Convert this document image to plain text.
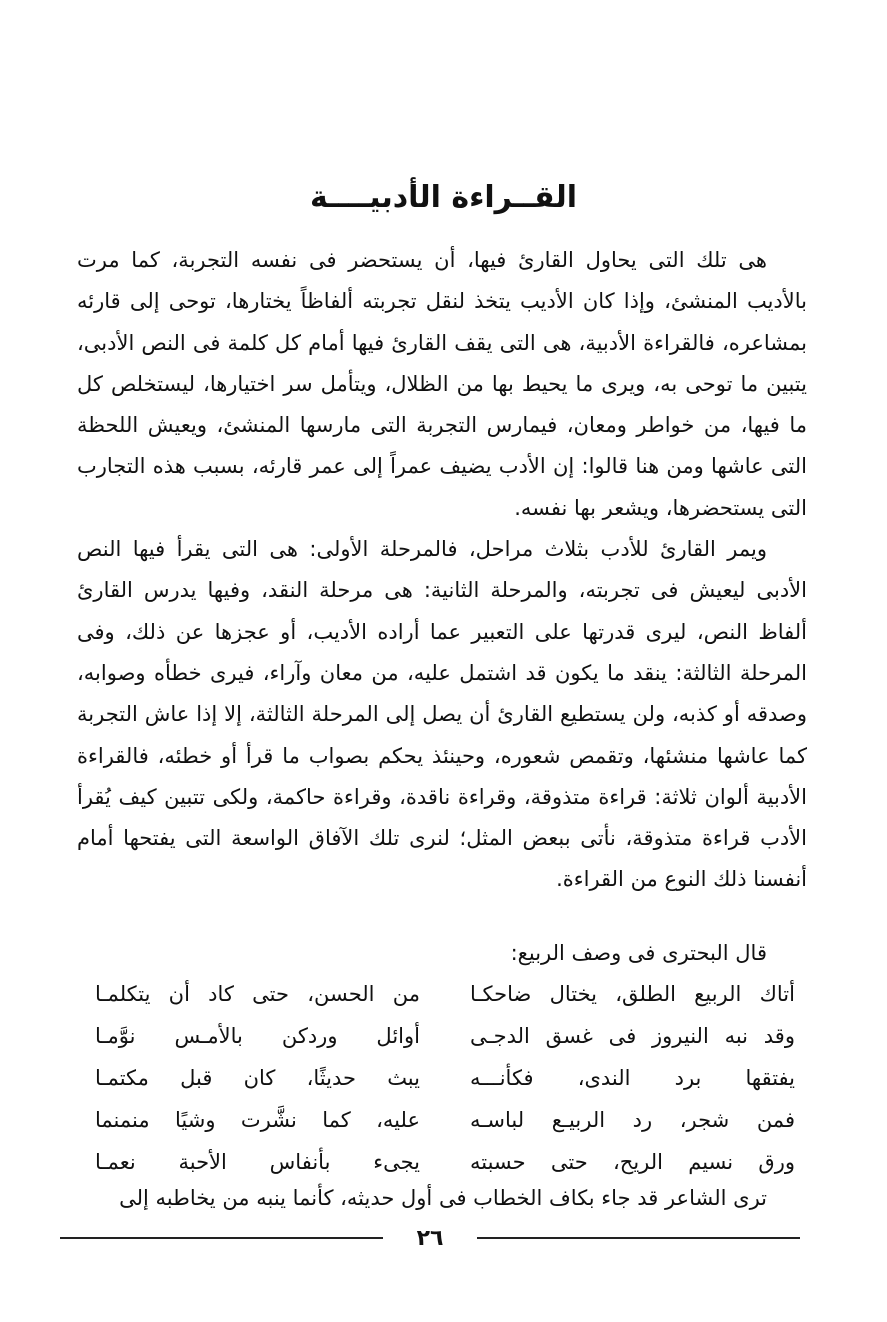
القــراءة الأدبيــــة

هى تلك التى يحاول القارئ فيها، أن يستحضر فى نفسه التجربة، كما مرت بالأديب المنشئ، وإذا كان الأديب يتخذ لنقل تجربته ألفاظاً يختارها، توحى إلى قارئه بمشاعره، فالقراءة الأدبية، هى التى يقف القارئ فيها أمام كل كلمة فى النص الأدبى، يتبين ما توحى به، ويرى ما يحيط بها من الظلال، ويتأمل سر اختيارها، ليستخلص كل ما فيها، من خواطر ومعان، فيمارس التجربة التى مارسها المنشئ، ويعيش اللحظة التى عاشها ومن هنا قالوا: إن الأدب يضيف عمراً إلى عمر قارئه، بسبب هذه التجارب التى يستحضرها، ويشعر بها نفسه.

ويمر القارئ للأدب بثلاث مراحل، فالمرحلة الأولى: هى التى يقرأ فيها النص الأدبى ليعيش فى تجربته، والمرحلة الثانية: هى مرحلة النقد، وفيها يدرس القارئ ألفاظ النص، ليرى قدرتها على التعبير عما أراده الأديب، أو عجزها عن ذلك، وفى المرحلة الثالثة: ينقد ما يكون قد اشتمل عليه، من معان وآراء، فيرى خطأه وصوابه، وصدقه أو كذبه، ولن يستطيع القارئ أن يصل إلى المرحلة الثالثة، إلا إذا عاش التجربة كما عاشها منشئها، وتقمص شعوره، وحينئذ يحكم بصواب ما قرأ أو خطئه، فالقراءة الأدبية ألوان ثلاثة: قراءة متذوقة، وقراءة ناقدة، وقراءة حاكمة، ولكى تتبين كيف يُقرأ الأدب قراءة متذوقة، نأتى ببعض المثل؛ لنرى تلك الآفاق الواسعة التى يفتحها أمام أنفسنا ذلك النوع من القراءة.

قال البحترى فى وصف الربيع:
أتاك الربيع الطلق، يختال ضاحكـا
من الحسن، حتى كاد أن يتكلمـا
وقد نبه النيروز فى غسق الدجـى
أوائل وردكن بالأمـس نوَّمـا
يفتقها برد الندى، فكأنـــه
يبث حديثًا، كان قبل مكتمـا
فمن شجر، رد الربيـع لباسـه
عليه، كما نشَّرت وشيًا منمنما
ورق نسيم الريح، حتى حسبته
يجىء بأنفاس الأحبة نعمـا
ترى الشاعر قد جاء بكاف الخطاب فى أول حديثه، كأنما ينبه من يخاطبه إلى
٢٦
